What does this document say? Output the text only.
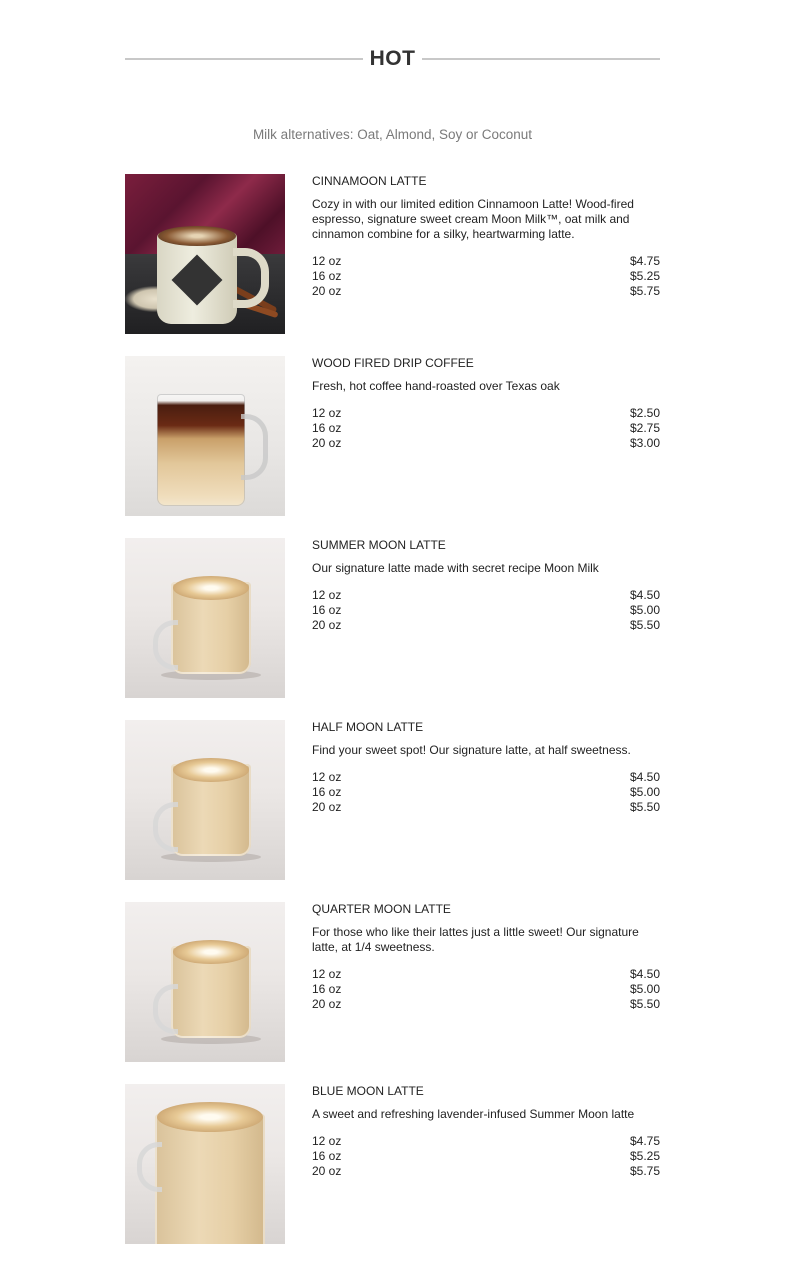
HOT
Milk alternatives: Oat, Almond, Soy or Coconut
CINNAMOON LATTE
Cozy in with our limited edition Cinnamoon Latte! Wood-fired espresso, signature sweet cream Moon Milk™, oat milk and cinnamon combine for a silky, heartwarming latte.
12 oz	$4.75
16 oz	$5.25
20 oz	$5.75
WOOD FIRED DRIP COFFEE
Fresh, hot coffee hand-roasted over Texas oak
12 oz	$2.50
16 oz	$2.75
20 oz	$3.00
SUMMER MOON LATTE
Our signature latte made with secret recipe Moon Milk
12 oz	$4.50
16 oz	$5.00
20 oz	$5.50
HALF MOON LATTE
Find your sweet spot! Our signature latte, at half sweetness.
12 oz	$4.50
16 oz	$5.00
20 oz	$5.50
QUARTER MOON LATTE
For those who like their lattes just a little sweet! Our signature latte, at 1/4 sweetness.
12 oz	$4.50
16 oz	$5.00
20 oz	$5.50
BLUE MOON LATTE
A sweet and refreshing lavender-infused Summer Moon latte
12 oz	$4.75
16 oz	$5.25
20 oz	$5.75
